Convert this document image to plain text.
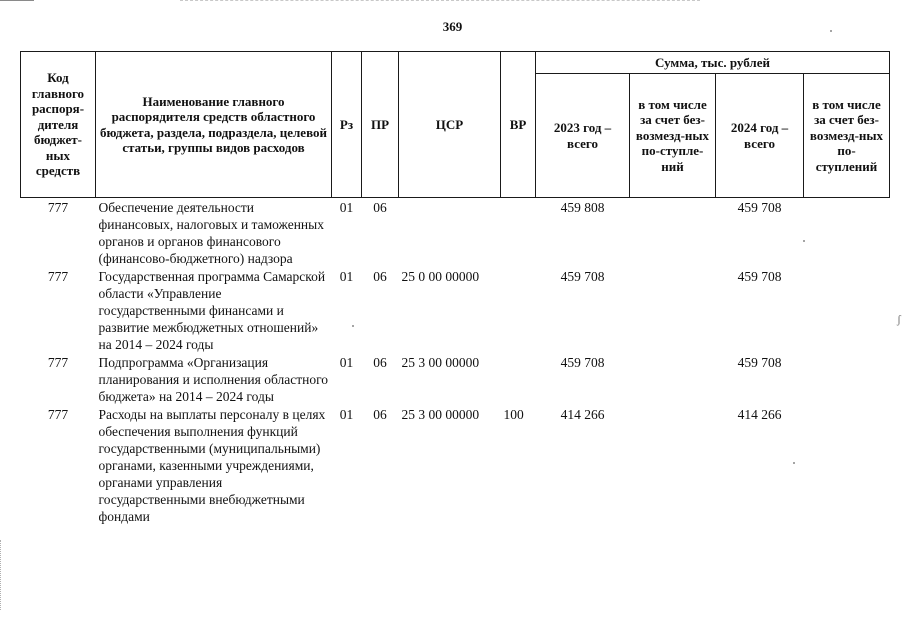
ʃ
369
Код главного распоря-дителя бюджет-ных средств	Наименование главного распорядителя средств областного бюджета, раздела, подраздела, целевой статьи, группы видов расходов	Рз	ПР	ЦСР	ВР	Сумма, тыс. рублей			
						2023 год – всего	в том числе за счет без-возмезд-ных по-ступле-ний	2024 год – всего	в том числе за счет без-возмезд-ных по-ступлений
777	Обеспечение деятельности финансовых, налоговых и таможенных органов и органов финансового (финансово-бюджетного) надзора	01	06			459 808		459 708	
777	Государственная программа Самарской области «Управление государственными финансами и развитие межбюджетных отношений» на 2014 – 2024 годы	01	06	25 0 00 00000		459 708		459 708	
777	Подпрограмма «Организация планирования и исполнения областного бюджета» на 2014 – 2024 годы	01	06	25 3 00 00000		459 708		459 708	
777	Расходы на выплаты персоналу в целях обеспечения выполнения функций государственными (муниципальными) органами, казенными учреждениями, органами управления государственными внебюджетными фондами	01	06	25 3 00 00000	100	414 266		414 266	
